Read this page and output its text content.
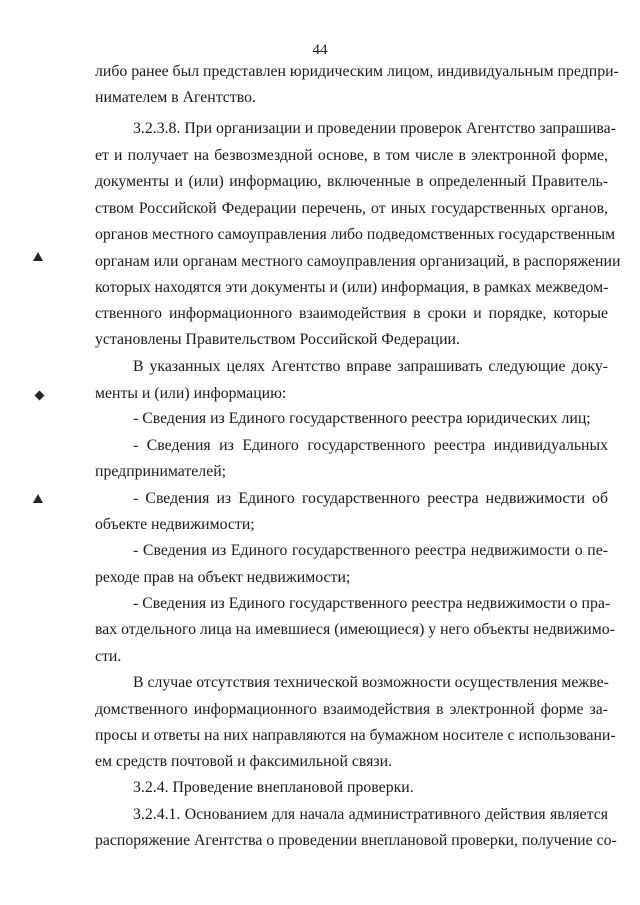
44
либо ранее был представлен юридическим лицом, индивидуальным предпри-
нимателем в Агентство.
3.2.3.8. При организации и проведении проверок Агентство запрашива-
ет и получает на безвозмездной основе, в том числе в электронной форме,
документы и (или) информацию, включенные в определенный Правитель-
ством Российской Федерации перечень, от иных государственных органов,
органов местного самоуправления либо подведомственных государственным
органам или органам местного самоуправления организаций, в распоряжении
которых находятся эти документы и (или) информация, в рамках межведом-
ственного информационного взаимодействия в сроки и порядке, которые
установлены Правительством Российской Федерации.
В указанных целях Агентство вправе запрашивать следующие доку-
менты и (или) информацию:
- Сведения из Единого государственного реестра юридических лиц;
- Сведения из Единого государственного реестра индивидуальных
предпринимателей;
- Сведения из Единого государственного реестра недвижимости об
объекте недвижимости;
- Сведения из Единого государственного реестра недвижимости о пе-
реходе прав на объект недвижимости;
- Сведения из Единого государственного реестра недвижимости о пра-
вах отдельного лица на имевшиеся (имеющиеся) у него объекты недвижимо-
сти.
В случае отсутствия технической возможности осуществления межве-
домственного информационного взаимодействия в электронной форме за-
просы и ответы на них направляются на бумажном носителе с использовани-
ем средств почтовой и факсимильной связи.
3.2.4. Проведение внеплановой проверки.
3.2.4.1. Основанием для начала административного действия является
распоряжение Агентства о проведении внеплановой проверки, получение со-
